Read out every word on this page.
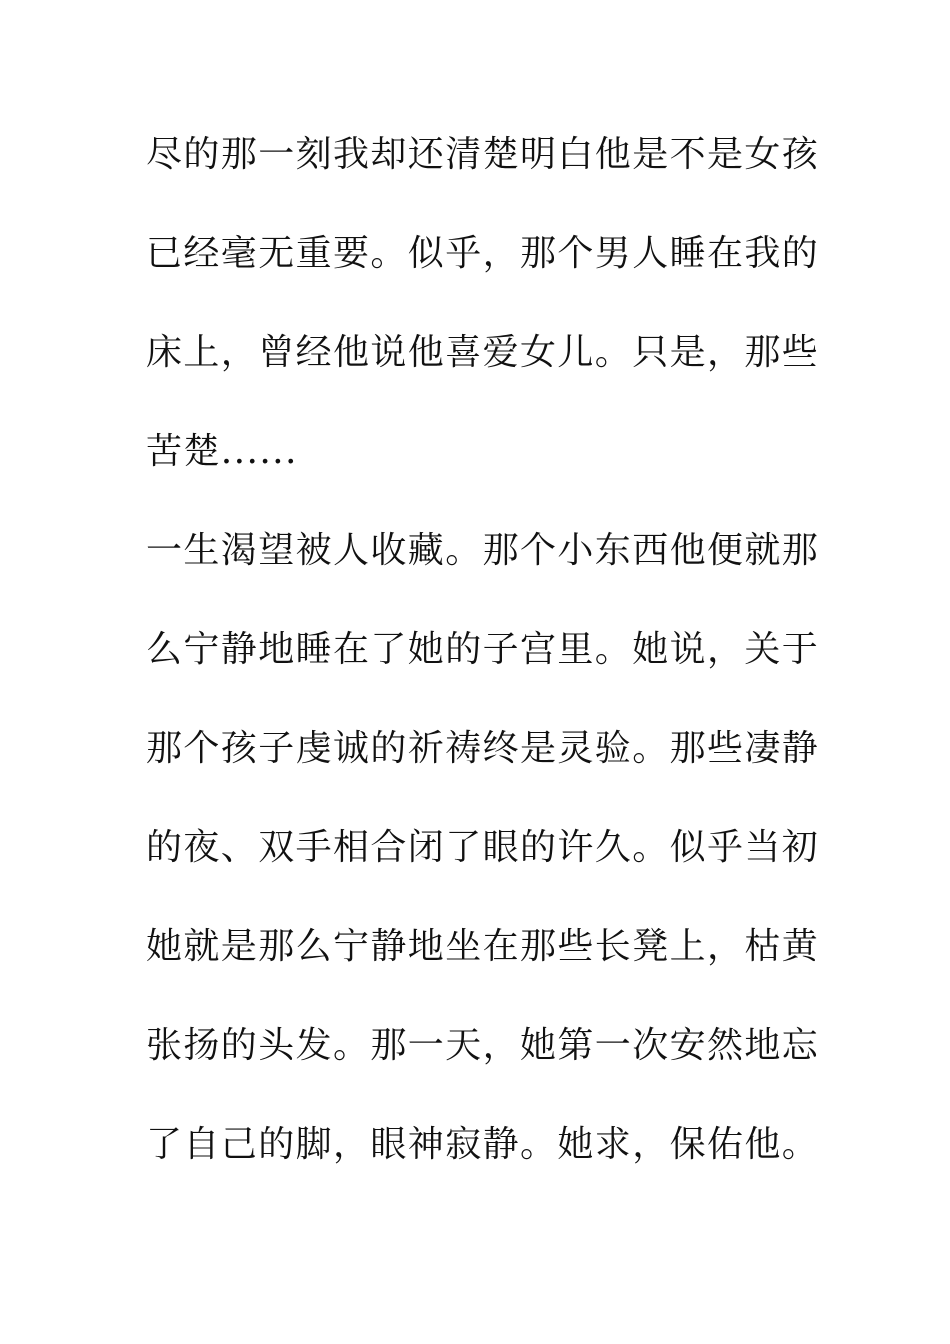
尽的那一刻我却还清楚明白他是不是女孩
已经毫无重要。似乎，那个男人睡在我的
床上，曾经他说他喜爱女儿。只是，那些
苦楚......
一生渴望被人收藏。那个小东西他便就那
么宁静地睡在了她的子宫里。她说，关于
那个孩子虔诚的祈祷终是灵验。那些凄静
的夜、双手相合闭了眼的许久。似乎当初
她就是那么宁静地坐在那些长凳上，枯黄
张扬的头发。那一天，她第一次安然地忘
了自己的脚，眼神寂静。她求，保佑他。
